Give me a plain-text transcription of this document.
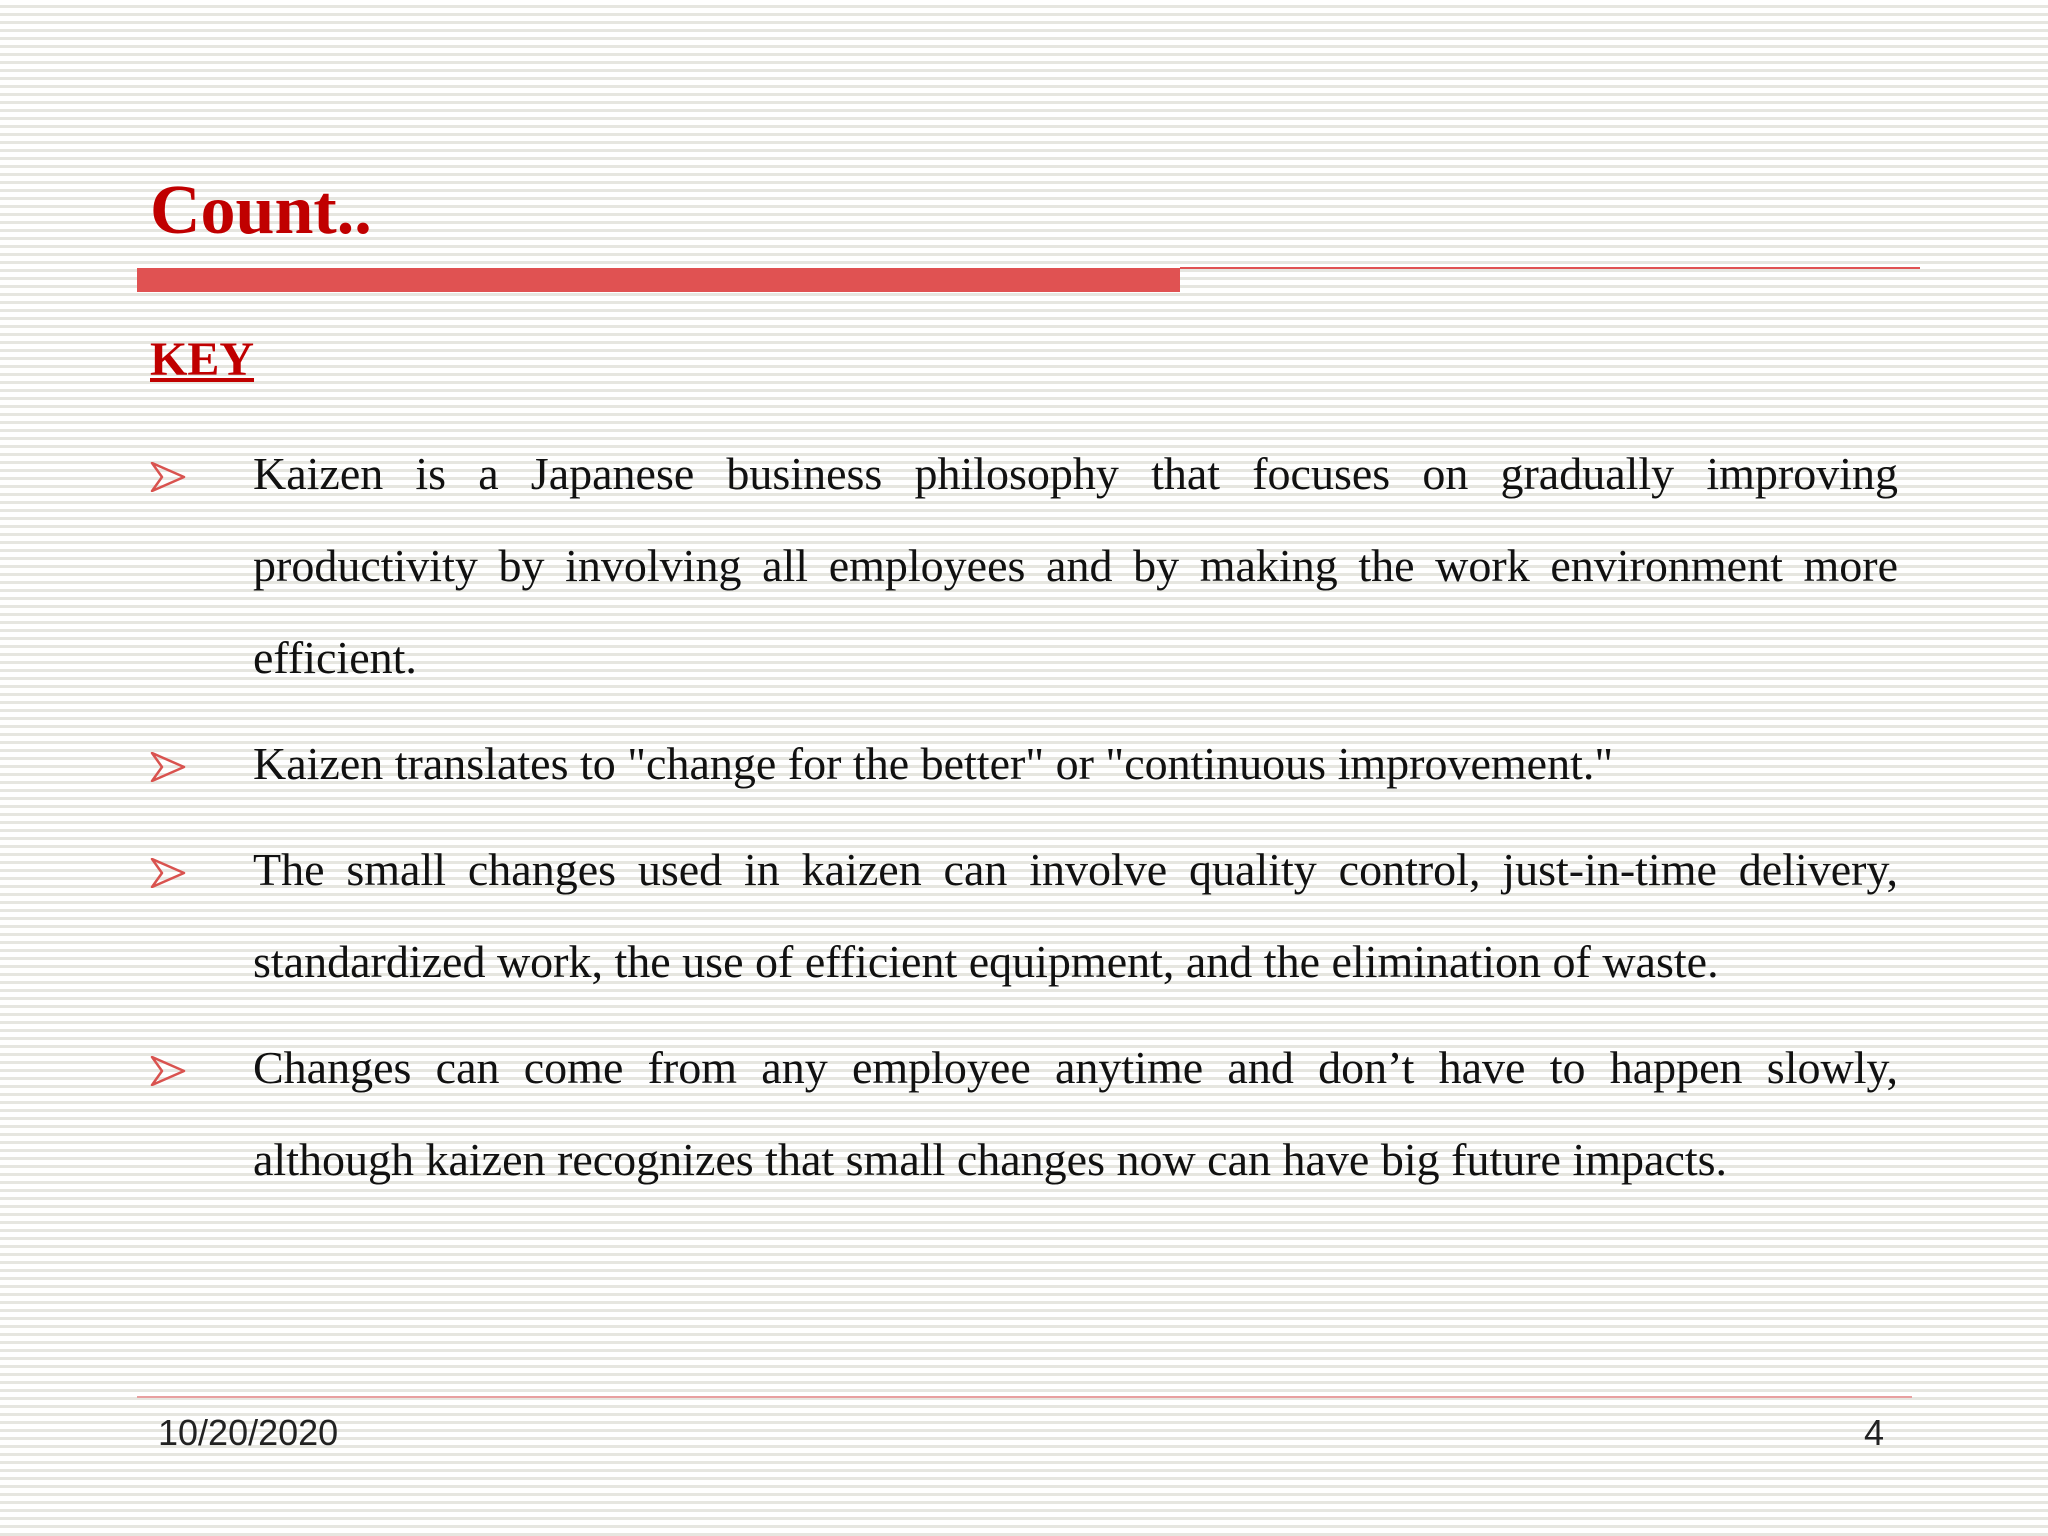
Count..
KEY
Kaizen is a Japanese business philosophy that focuses on gradually improving productivity by involving all employees and by making the work environment more efficient.
Kaizen translates to "change for the better" or "continuous improvement."
The small changes used in kaizen can involve quality control, just-in-time delivery, standardized work, the use of efficient equipment, and the elimination of waste.
Changes can come from any employee anytime and don’t have to happen slowly, although kaizen recognizes that small changes now can have big future impacts.
10/20/2020	4
